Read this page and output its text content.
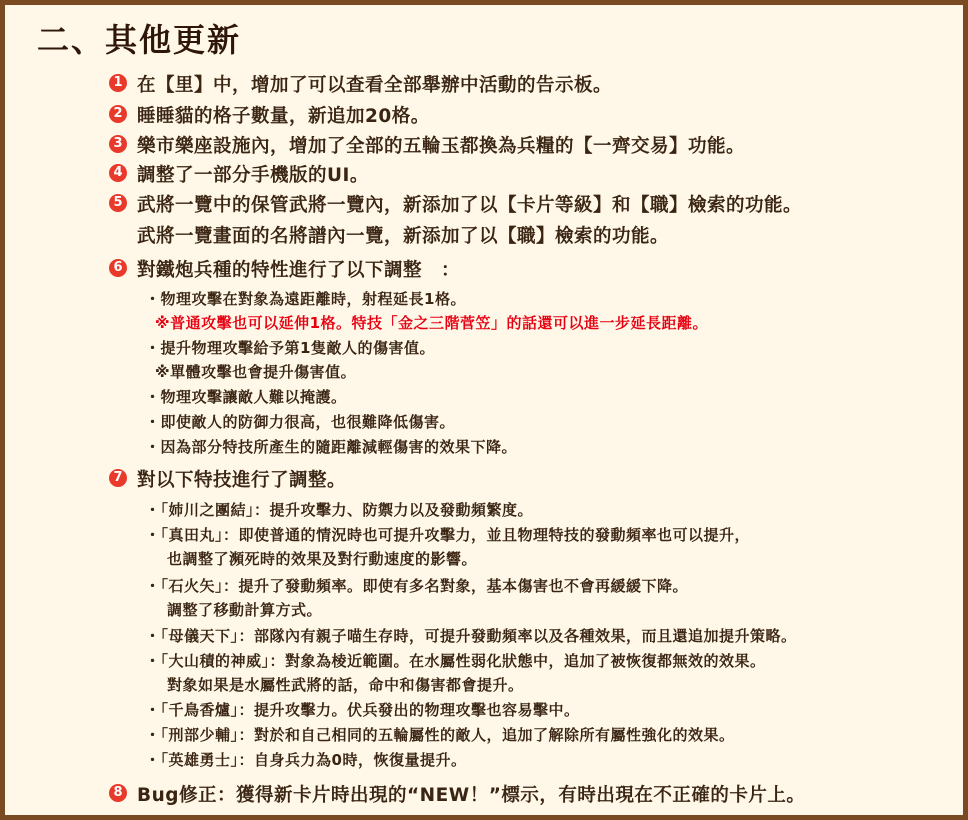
二、其他更新
1 在【里】中，增加了可以查看全部舉辦中活動的告示板。
2 睡睡貓的格子數量，新追加20格。
3 樂市樂座設施內，增加了全部的五輪玉都換為兵糧的【一齊交易】功能。
4 調整了一部分手機版的UI。
5 武將一覽中的保管武將一覽內，新添加了以【卡片等級】和【職】檢索的功能。
武將一覽畫面的名將譜內一覽，新添加了以【職】檢索的功能。
6 對鐵炮兵種的特性進行了以下調整　：
・物理攻擊在對象為遠距離時，射程延長1格。
※普通攻擊也可以延伸1格。特技「金之三階菅笠」的話還可以進一步延長距離。
・提升物理攻擊給予第1隻敵人的傷害值。
※單體攻擊也會提升傷害值。
・物理攻擊讓敵人難以掩護。
・即使敵人的防御力很高，也很難降低傷害。
・因為部分特技所產生的隨距離減輕傷害的效果下降。
7 對以下特技進行了調整。
・「姉川之團結」：提升攻擊力、防禦力以及發動頻繁度。
・「真田丸」：即使普通的情況時也可提升攻擊力，並且物理特技的發動頻率也可以提升，
也調整了瀕死時的效果及對行動速度的影響。
・「石火矢」：提升了發動頻率。即使有多名對象，基本傷害也不會再緩緩下降。
調整了移動計算方式。
・「母儀天下」：部隊內有親子喵生存時，可提升發動頻率以及各種效果，而且還追加提升策略。
・「大山積的神威」：對象為棱近範圍。在水屬性弱化狀態中，追加了被恢復都無效的效果。
對象如果是水屬性武將的話，命中和傷害都會提升。
・「千鳥香爐」：提升攻擊力。伏兵發出的物理攻擊也容易擊中。
・「刑部少輔」：對於和自己相同的五輪屬性的敵人，追加了解除所有屬性強化的效果。
・「英雄勇士」：自身兵力為0時，恢復量提升。
8 Bug修正：獲得新卡片時出現的“NEW！”標示，有時出現在不正確的卡片上。
